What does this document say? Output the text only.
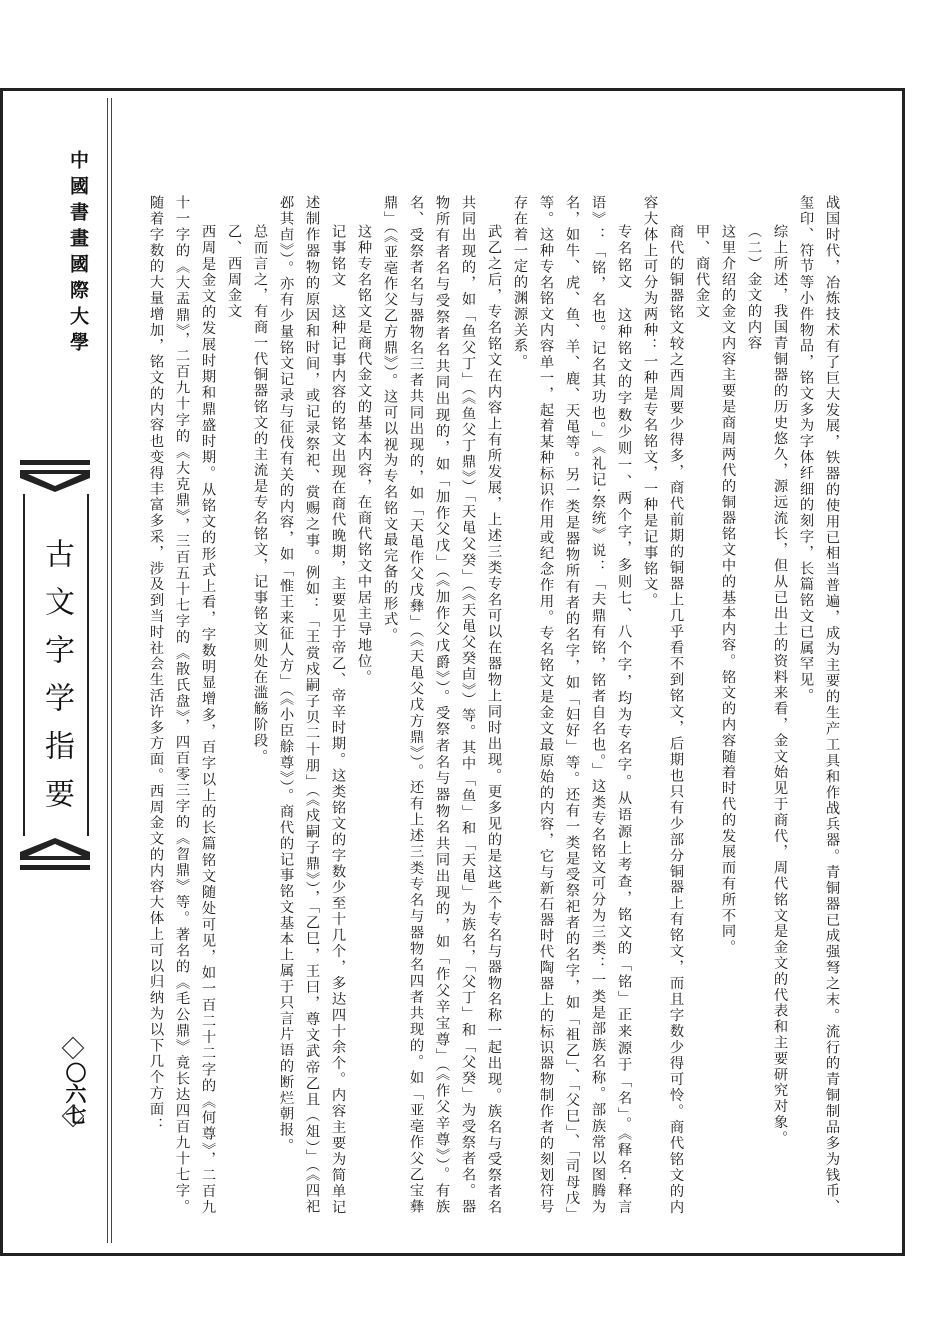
中國書畫國際大學
古文字学指要
〇六七	战国时代，冶炼技术有了巨大发展，铁器的使用已相当普遍，成为主要的生产工具和作战兵器。青铜器已成强弩之末。流行的青铜制品多为钱币、玺印、符节等小件物品，铭文多为字体纤细的刻字，长篇铭文已属罕见。

综上所述，我国青铜器的历史悠久，源远流长，但从已出土的资料来看，金文始见于商代，周代铭文是金文的代表和主要研究对象。

（二）金文的内容

这里介绍的金文内容主要是商周两代的铜器铭文中的基本内容。铭文的内容随着时代的发展而有所不同。

甲、商代金文

商代的铜器铭文较之西周要少得多，商代前期的铜器上几乎看不到铭文，后期也只有少部分铜器上有铭文，而且字数少得可怜。商代铭文的内容大体上可分为两种：一种是专名铭文，一种是记事铭文。

专名铭文　这种铭文的字数少则一、两个字，多则七、八个字，均为专名字。从语源上考查，铭文的「铭」正来源于「名」。《释名·释言语》：「铭，名也。记名其功也。」《礼记·祭统》说：「夫鼎有铭，铭者自名也。」这类专名铭文可分为三类：一类是部族名称。部族常以图腾为名，如牛、虎、鱼、羊、鹿、天黾等。另一类是器物所有者的名字，如「妇好」等。还有一类是受祭祀者的名字，如「祖乙」、「父巳」、「司母戊」等。这种专名铭文内容单一，起着某种标识作用或纪念作用。专名铭文是金文最原始的内容，它与新石器时代陶器上的标识器物制作者的刻划符号存在着一定的渊源关系。

武乙之后，专名铭文在内容上有所发展，上述三类专名可以在器物上同时出现。更多见的是这些个专名与器物名称一起出现。族名与受祭者名共同出现的，如「鱼父丁」（《鱼父丁鼎》）「天黾父癸」（《天黾父癸卣》）等。其中「鱼」和「天黾」为族名，「父丁」和「父癸」为受祭者名。器物所有者名与受祭者名共同出现的，如「加作父戊」（《加作父戊爵》）。受祭者名与器物名共同出现的，如「作父辛宝尊」（《作父辛尊》）。有族名、受祭者名与器物名三者共同出现的，如「天黾作父戊彝」（《天黾父戊方鼎》）。还有上述三类专名与器物名四者共现的。如「亚亳作父乙宝彝鼎」（《亚亳作父乙方鼎》）。这可以视为专名铭文最完备的形式。

这种专名铭文是商代金文的基本内容，在商代铭文中居主导地位。

记事铭文　这种记事内容的铭文出现在商代晚期，主要见于帝乙、帝辛时期。这类铭文的字数少至十几个，多达四十余个。内容主要为简单记述制作器物的原因和时间，或记录祭祀、赏赐之事。例如：「王赏戍嗣子贝二十朋」（《戍嗣子鼎》），「乙巳，王曰，尊文武帝乙且（俎）」（《四祀邲其卣》）。亦有少量铭文记录与征伐有关的内容，如「惟王来征人方」（《小臣艅尊》）。商代的记事铭文基本上属于只言片语的断烂朝报。

总而言之，有商一代铜器铭文的主流是专名铭文，记事铭文则处在滥觞阶段。

乙、西周金文

西周是金文的发展时期和鼎盛时期。从铭文的形式上看，字数明显增多，百字以上的长篇铭文随处可见，如一百二十二字的《何尊》，二百九十一字的《大盂鼎》，二百九十字的《大克鼎》，三百五十七字的《散氏盘》，四百零三字的《曶鼎》等。著名的《毛公鼎》竟长达四百九十七字。随着字数的大量增加，铭文的内容也变得丰富多采，涉及到当时社会生活许多方面。西周金文的内容大体上可以归纳为以下几个方面：
